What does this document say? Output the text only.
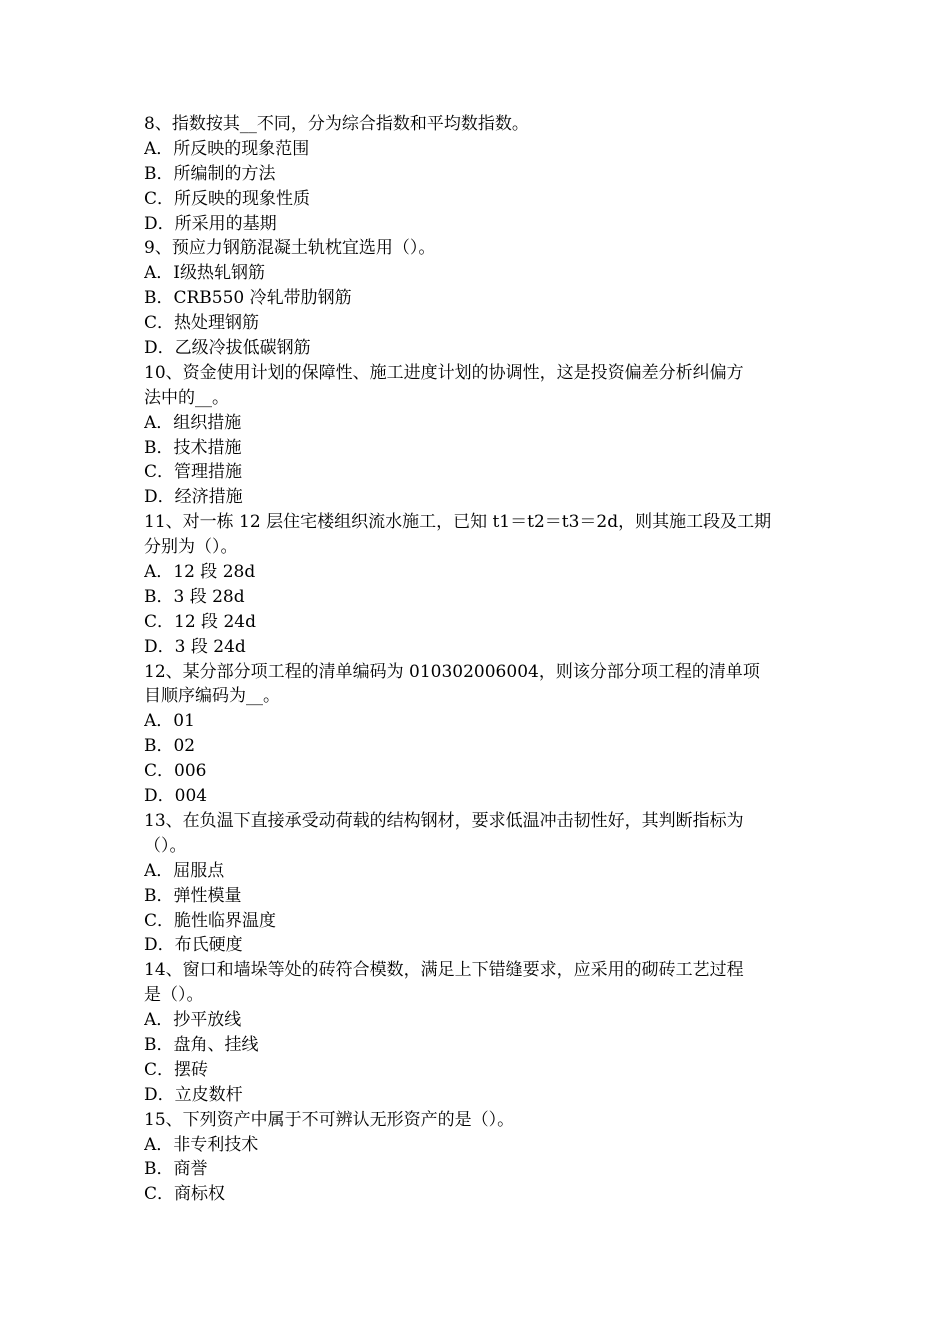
8、指数按其__不同，分为综合指数和平均数指数。
A．所反映的现象范围
B．所编制的方法
C．所反映的现象性质
D．所采用的基期
9、预应力钢筋混凝土轨枕宜选用（）。
A．Ⅰ级热轧钢筋
B．CRB550 冷轧带肋钢筋
C．热处理钢筋
D．乙级冷拔低碳钢筋
10、资金使用计划的保障性、施工进度计划的协调性，这是投资偏差分析纠偏方
法中的__。
A．组织措施
B．技术措施
C．管理措施
D．经济措施
11、对一栋 12 层住宅楼组织流水施工，已知 t1＝t2＝t3＝2d，则其施工段及工期
分别为（）。
A．12 段 28d
B．3 段 28d
C．12 段 24d
D．3 段 24d
12、某分部分项工程的清单编码为 010302006004，则该分部分项工程的清单项
目顺序编码为__。
A．01
B．02
C．006
D．004
13、在负温下直接承受动荷载的结构钢材，要求低温冲击韧性好，其判断指标为
（）。
A．屈服点
B．弹性模量
C．脆性临界温度
D．布氏硬度
14、窗口和墙垛等处的砖符合模数，满足上下错缝要求，应采用的砌砖工艺过程
是（）。
A．抄平放线
B．盘角、挂线
C．摆砖
D．立皮数杆
15、下列资产中属于不可辨认无形资产的是（）。
A．非专利技术
B．商誉
C．商标权
